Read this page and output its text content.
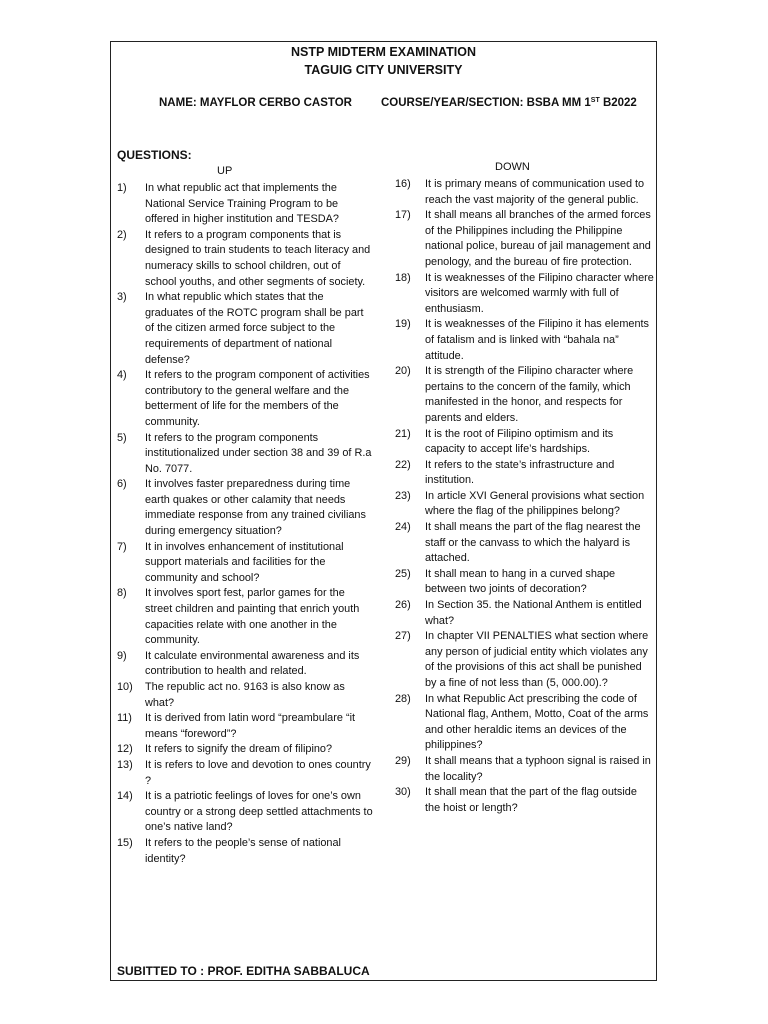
NSTP MIDTERM EXAMINATION
TAGUIG CITY UNIVERSITY
NAME: MAYFLOR CERBO CASTOR	COURSE/YEAR/SECTION: BSBA MM 1ST B2022
QUESTIONS:
UP	DOWN
1)	In what republic act that implements the National Service Training Program to be offered in higher institution and TESDA?
2)	It refers to a program components that is designed to train students to teach literacy and numeracy skills to school children, out of school youths, and other segments of society.
3)	In what republic which states that the graduates of the ROTC program shall be part of the citizen armed force subject to the requirements of department of national defense?
4)	It refers to the program component of activities contributory to the general welfare and the betterment of life for the members of the community.
5)	It refers to the program components institutionalized under section 38 and 39 of R.a No. 7077.
6)	It involves faster preparedness during time earth quakes or other calamity that needs immediate response from any trained civilians during emergency situation?
7)	It in involves enhancement of institutional support materials and facilities for the community and school?
8)	It involves sport fest, parlor games for the street children and painting that enrich youth capacities relate with one another in the community.
9)	It calculate environmental awareness and its contribution to health and related.
10)	The republic act no. 9163 is also know as what?
11)	It is derived from latin word “preambulare “it means “foreword”?
12)	It refers to signify the dream of filipino?
13)	It is refers to love and devotion to ones country ?
14)	It is a patriotic feelings of loves for one’s own country or a strong deep settled attachments to one’s native land?
15)	It refers to the people’s sense of national identity?
16)	It is primary means of communication used to reach the vast majority of the general public.
17)	It shall means all branches of the armed forces of the Philippines including the Philippine national police, bureau of jail management and penology, and the bureau of fire protection.
18)	It is weaknesses of the Filipino character where visitors are welcomed warmly with full of enthusiasm.
19)	It is weaknesses of the Filipino it has elements of fatalism and is linked with “bahala na” attitude.
20)	It is strength of the Filipino character where pertains to the concern of the family, which manifested in the honor, and respects for parents and elders.
21)	It is the root of Filipino optimism and its capacity to accept life’s hardships.
22)	It refers to the state’s infrastructure and institution.
23)	In article XVI General provisions what section where the flag of the philippines belong?
24)	It shall means the part of the flag nearest the staff or the canvass to which the halyard is attached.
25)	It shall mean to hang in a curved shape between two joints of decoration?
26)	In Section 35. the National Anthem is entitled what?
27)	In chapter VII PENALTIES what section where any person of judicial entity which violates any of the provisions of this act shall be punished by a fine of not less than (5, 000.00).?
28)	In what Republic Act prescribing the code of National flag, Anthem, Motto, Coat of the arms and other heraldic items an devices of the philippines?
29)	It shall means that a typhoon signal is raised in the locality?
30)	It shall mean that the part of the flag outside the hoist or length?
SUBITTED TO : PROF. EDITHA SABBALUCA
